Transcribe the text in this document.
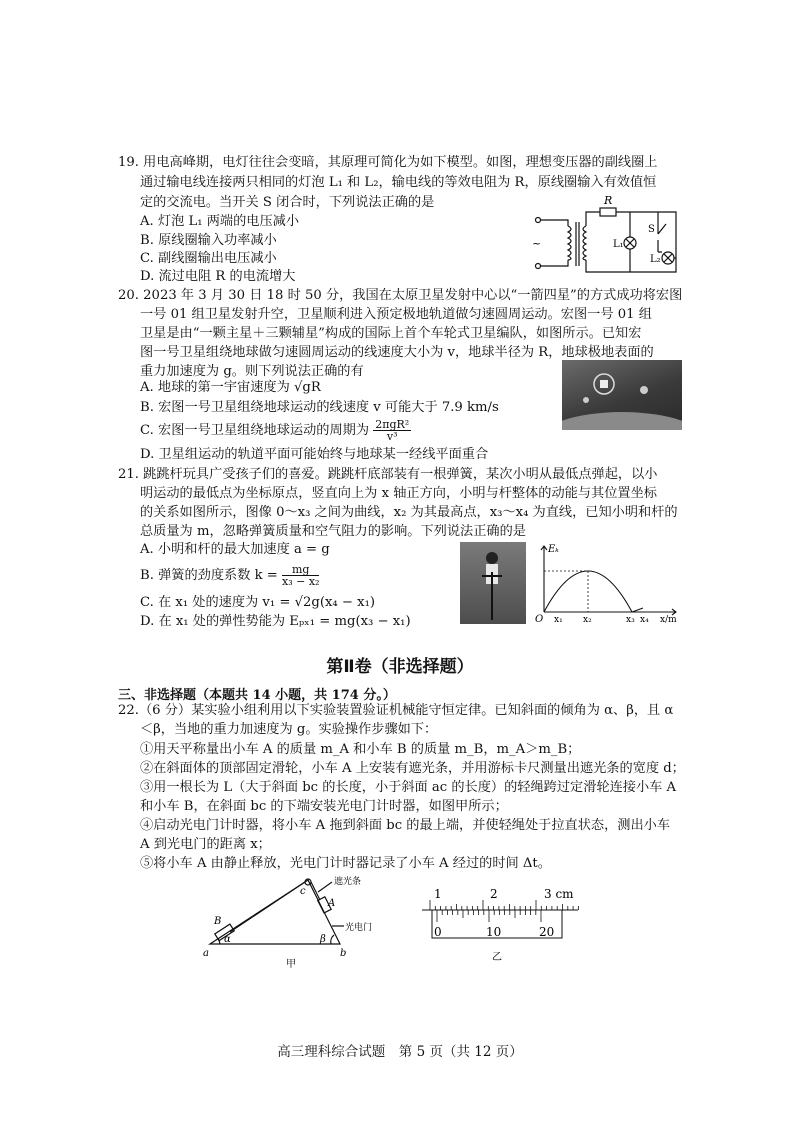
19. 用电高峰期，电灯往往会变暗，其原理可简化为如下模型。如图，理想变压器的副线圈上
通过输电线连接两只相同的灯泡 L₁ 和 L₂，输电线的等效电阻为 R，原线圈输入有效值恒
定的交流电。当开关 S 闭合时，下列说法正确的是
A. 灯泡 L₁ 两端的电压减小
B. 原线圈输入功率减小
C. 副线圈输出电压减小
D. 流过电阻 R 的电流增大
~
R
L₁
S
L₂
20. 2023 年 3 月 30 日 18 时 50 分，我国在太原卫星发射中心以“一箭四星”的方式成功将宏图
一号 01 组卫星发射升空，卫星顺利进入预定极地轨道做匀速圆周运动。宏图一号 01 组
卫星是由“一颗主星＋三颗辅星”构成的国际上首个车轮式卫星编队，如图所示。已知宏
图一号卫星组绕地球做匀速圆周运动的线速度大小为 v，地球半径为 R，地球极地表面的
重力加速度为 g。则下列说法正确的有
A. 地球的第一宇宙速度为 √gR
B. 宏图一号卫星组绕地球运动的线速度 v 可能大于 7.9 km/s
C. 宏图一号卫星组绕地球运动的周期为 $\frac{\text{2πgR²}}{\text{v³}}$
D. 卫星组运动的轨道平面可能始终与地球某一经线平面重合
21. 跳跳杆玩具广受孩子们的喜爱。跳跳杆底部装有一根弹簧，某次小明从最低点弹起，以小
明运动的最低点为坐标原点，竖直向上为 x 轴正方向，小明与杆整体的动能与其位置坐标
的关系如图所示，图像 0～x₃ 之间为曲线，x₂ 为其最高点，x₃～x₄ 为直线，已知小明和杆的
总质量为 m，忽略弹簧质量和空气阻力的影响。下列说法正确的是
A. 小明和杆的最大加速度 a = g
B. 弹簧的劲度系数 $k = \frac{mg}{\text{x₃ − x₂}}$
C. 在 x₁ 处的速度为 v₁ = √2g(x₄ − x₁)
D. 在 x₁ 处的弹性势能为 Eₚₓ₁ = mg(x₃ − x₁)
Eₖ
O x₁ x₂	x₃ x₄ x/m
第Ⅱ卷（非选择题）
三、非选择题（本题共 14 小题，共 174 分。）
22.（6 分）某实验小组利用以下实验装置验证机械能守恒定律。已知斜面的倾角为 α、β，且 α
＜β，当地的重力加速度为 g。实验操作步骤如下：
①用天平称量出小车 A 的质量 m_A 和小车 B 的质量 m_B，m_A＞m_B；
②在斜面体的顶部固定滑轮，小车 A 上安装有遮光条，并用游标卡尺测量出遮光条的宽度 d；
③用一根长为 L（大于斜面 bc 的长度，小于斜面 ac 的长度）的轻绳跨过定滑轮连接小车 A
和小车 B，在斜面 bc 的下端安装光电门计时器，如图甲所示；
④启动光电门计时器，将小车 A 拖到斜面 bc 的最上端，并使轻绳处于拉直状态，测出小车
A 到光电门的距离 x；
⑤将小车 A 由静止释放，光电门计时器记录了小车 A 经过的时间 Δt。
a	b
c
A
B
α	β
遮光条
光电门
甲
1	2	3 cm
0	10	20
乙
高三理科综合试题　第 5 页（共 12 页）
